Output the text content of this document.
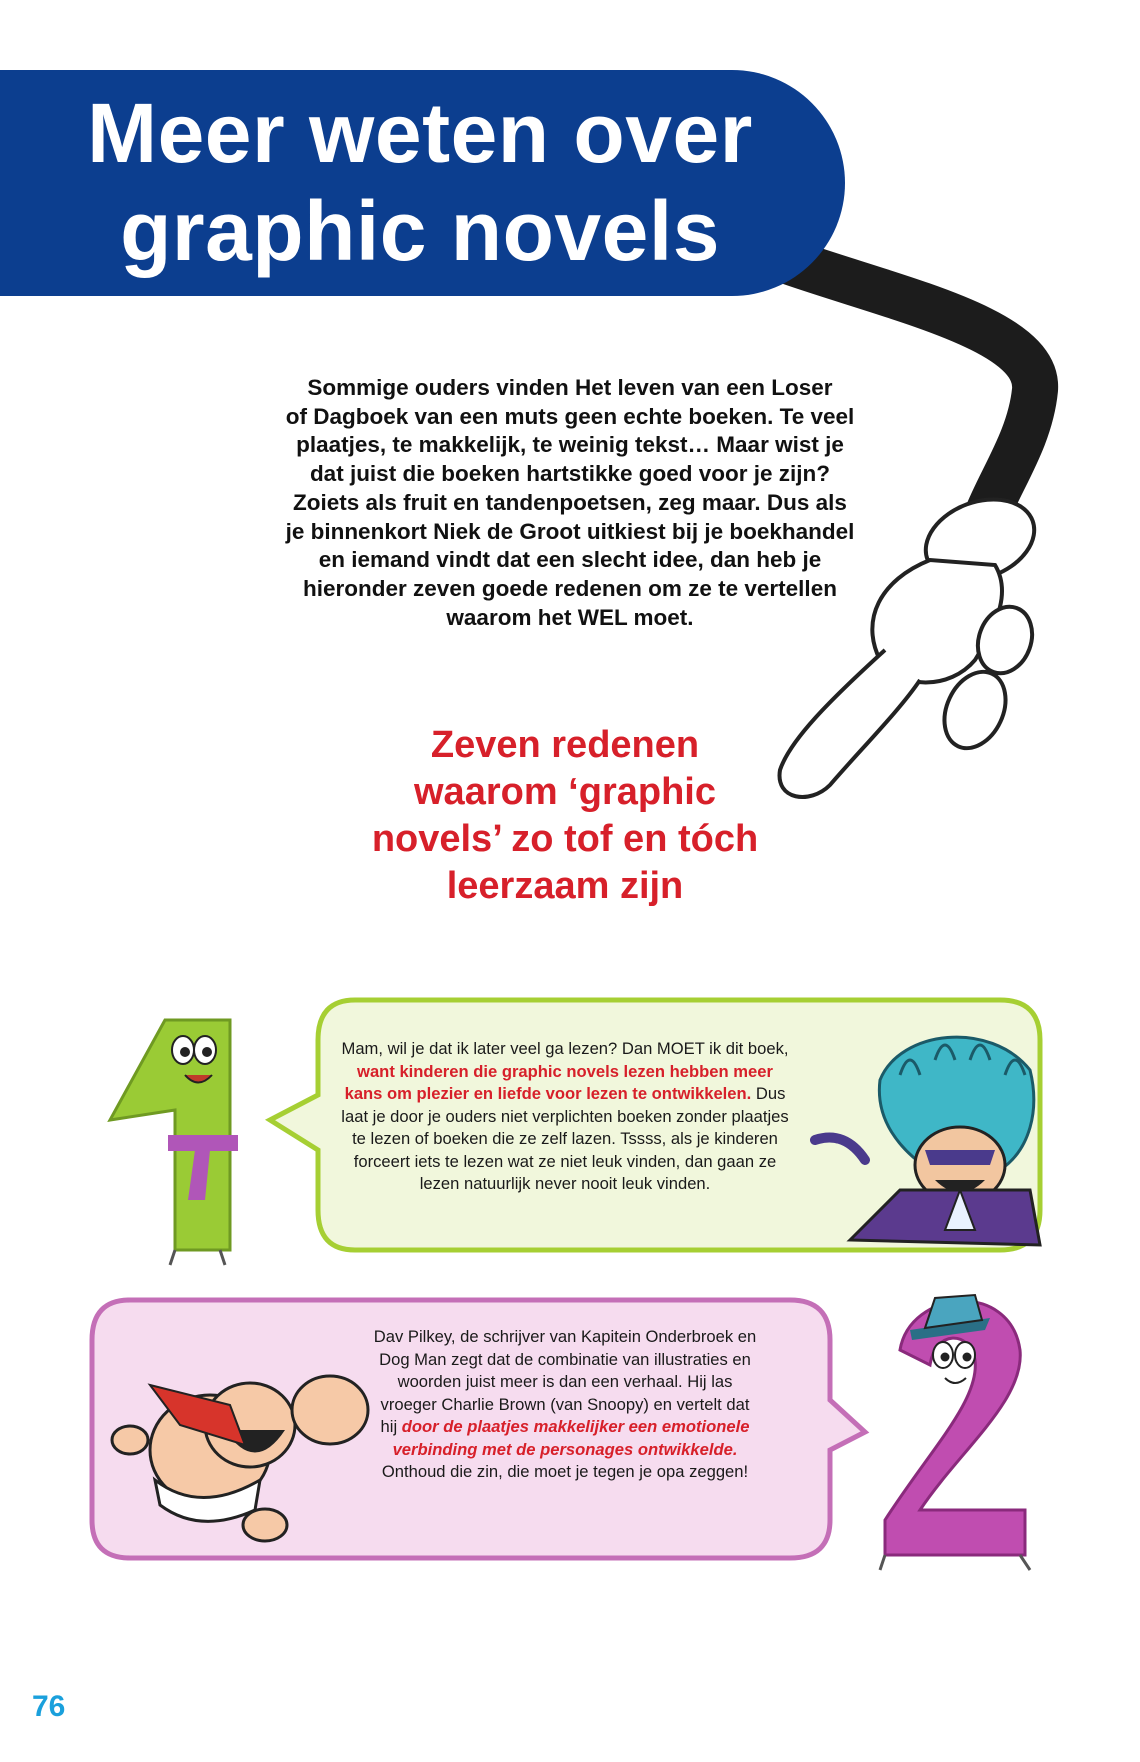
Meer weten over
graphic novels
Sommige ouders vinden Het leven van een Loser
of Dagboek van een muts geen echte boeken. Te veel
plaatjes, te makkelijk, te weinig tekst… Maar wist je
dat juist die boeken hartstikke goed voor je zijn?
Zoiets als fruit en tandenpoetsen, zeg maar. Dus als
je binnenkort Niek de Groot uitkiest bij je boekhandel
en iemand vindt dat een slecht idee, dan heb je
hieronder zeven goede redenen om ze te vertellen
waarom het WEL moet.
Zeven redenen
waarom ‘graphic
novels’ zo tof en tóch
leerzaam zijn
Mam, wil je dat ik later veel ga lezen? Dan MOET ik dit boek, want kinderen die graphic novels lezen hebben meer kans om plezier en liefde voor lezen te ontwikkelen. Dus laat je door je ouders niet verplichten boeken zonder plaatjes te lezen of boeken die ze zelf lazen. Tssss, als je kinderen forceert iets te lezen wat ze niet leuk vinden, dan gaan ze lezen natuurlijk never nooit leuk vinden.
Dav Pilkey, de schrijver van Kapitein Onderbroek en Dog Man zegt dat de combinatie van illustraties en woorden juist meer is dan een verhaal. Hij las vroeger Charlie Brown (van Snoopy) en vertelt dat hij door de plaatjes makkelijker een emotionele verbinding met de personages ontwikkelde. Onthoud die zin, die moet je tegen je opa zeggen!
76
